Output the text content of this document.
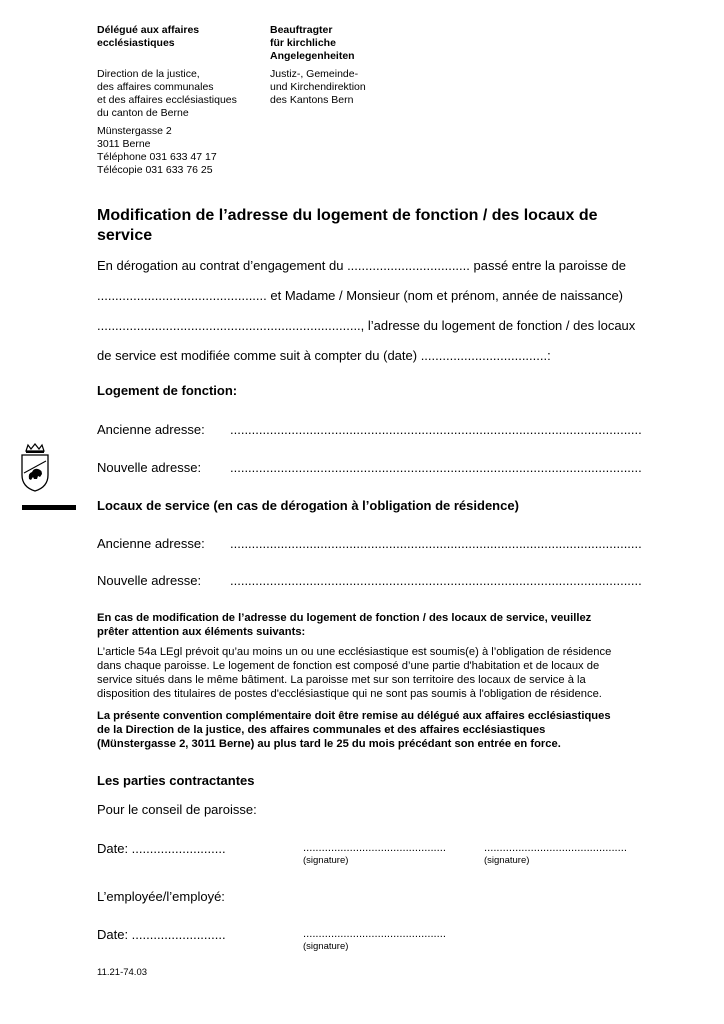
Délégué aux affaires
ecclésiastiques
Beauftragter
für kirchliche
Angelegenheiten
Direction de la justice,
des affaires communales
et des affaires ecclésiastiques
du canton de Berne
Justiz-, Gemeinde-
und Kirchendirektion
des Kantons Bern
Münstergasse 2
3011 Berne
Téléphone 031 633 47 17
Télécopie 031 633 76 25
Modification de l’adresse du logement de fonction / des locaux de
service
En dérogation au contrat d’engagement du .................................. passé entre la paroisse de
............................................... et Madame / Monsieur (nom et prénom, année de naissance)
........................................................................., l’adresse du logement de fonction / des locaux
de service est modifiée comme suit à compter du (date) ...................................:
Logement de fonction:
Ancienne adresse: ..................................................................................................................
Nouvelle adresse: ..................................................................................................................
Locaux de service (en cas de dérogation à l’obligation de résidence)
Ancienne adresse: ..................................................................................................................
Nouvelle adresse: ..................................................................................................................
En cas de modification de l’adresse du logement de fonction / des locaux de service, veuillez
prêter attention aux éléments suivants:
L’article 54a LEgl prévoit qu’au moins un ou une ecclésiastique est soumis(e) à l’obligation de résidence
dans chaque paroisse. Le logement de fonction est composé d’une partie d'habitation et de locaux de
service situés dans le même bâtiment. La paroisse met sur son territoire des locaux de service à la
disposition des titulaires de postes d'ecclésiastique qui ne sont pas soumis à l'obligation de résidence.
La présente convention complémentaire doit être remise au délégué aux affaires ecclésiastiques
de la Direction de la justice, des affaires communales et des affaires ecclésiastiques
(Münstergasse 2, 3011 Berne) au plus tard le 25 du mois précédant son entrée en force.
Les parties contractantes
Pour le conseil de paroisse:
Date: ..........................	..............................................
(signature)
..............................................
(signature)
L’employée/l’employé:
Date: ..........................	..............................................
(signature)
11.21-74.03
